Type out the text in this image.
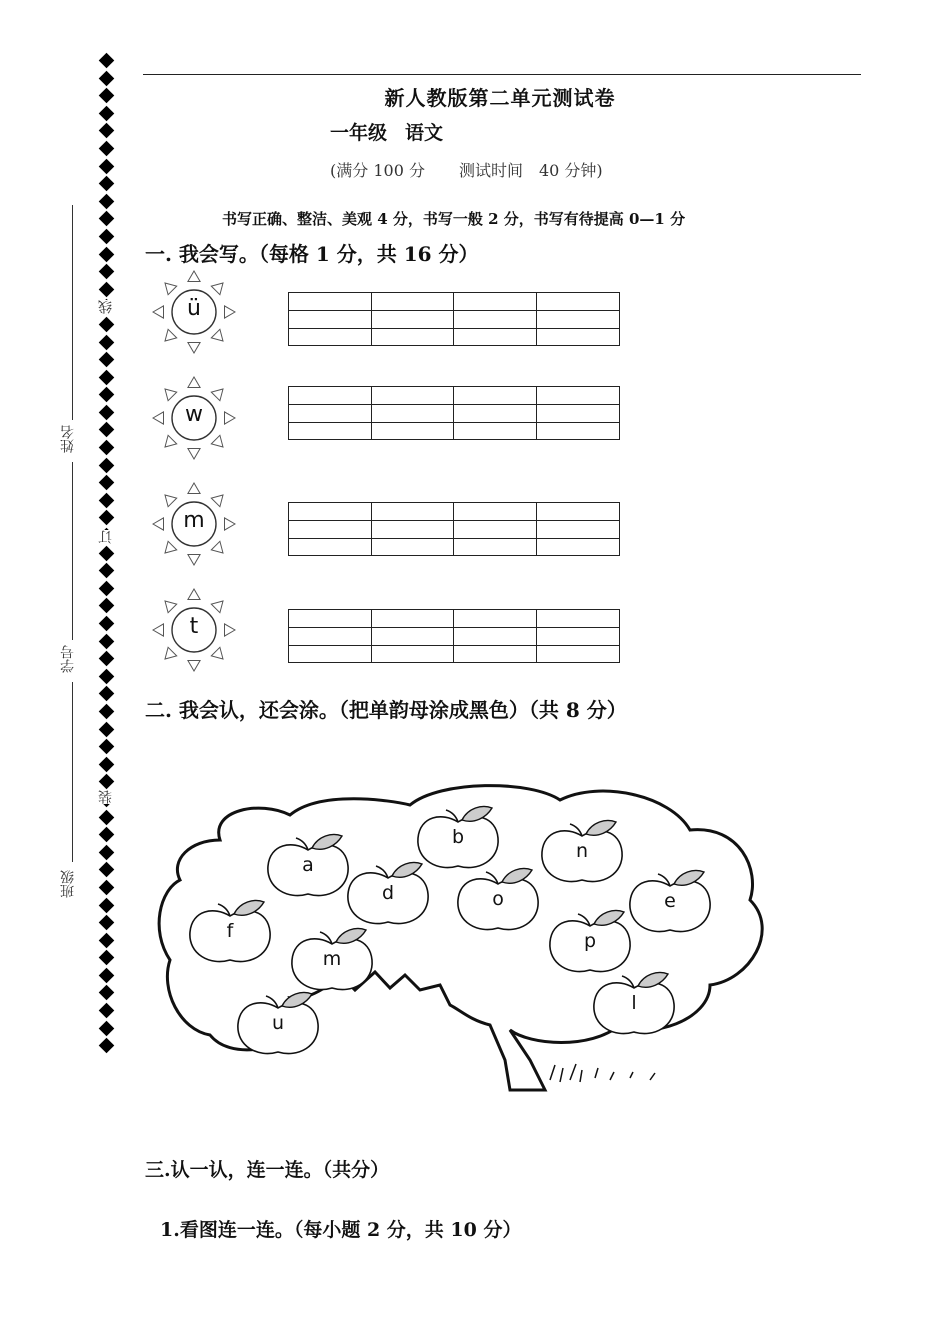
新人教版第二单元测试卷
一年级 语文
(满分 100 分 测试时间　40 分钟)
书写正确、整洁、美观 4 分，书写一般 2 分，书写有待提高 0—1 分
线
订
装
姓名
学号
班级
一. 我会写。（每格 1 分，共 16 分）
ü
w
m
t
二. 我会认，还会涂。（把单韵母涂成黑色）（共 8 分）
a
b
n
d	o	e
f
m
p
u
l
三.认一认，连一连。（共分）
1.看图连一连。（每小题 2 分，共 10 分）
